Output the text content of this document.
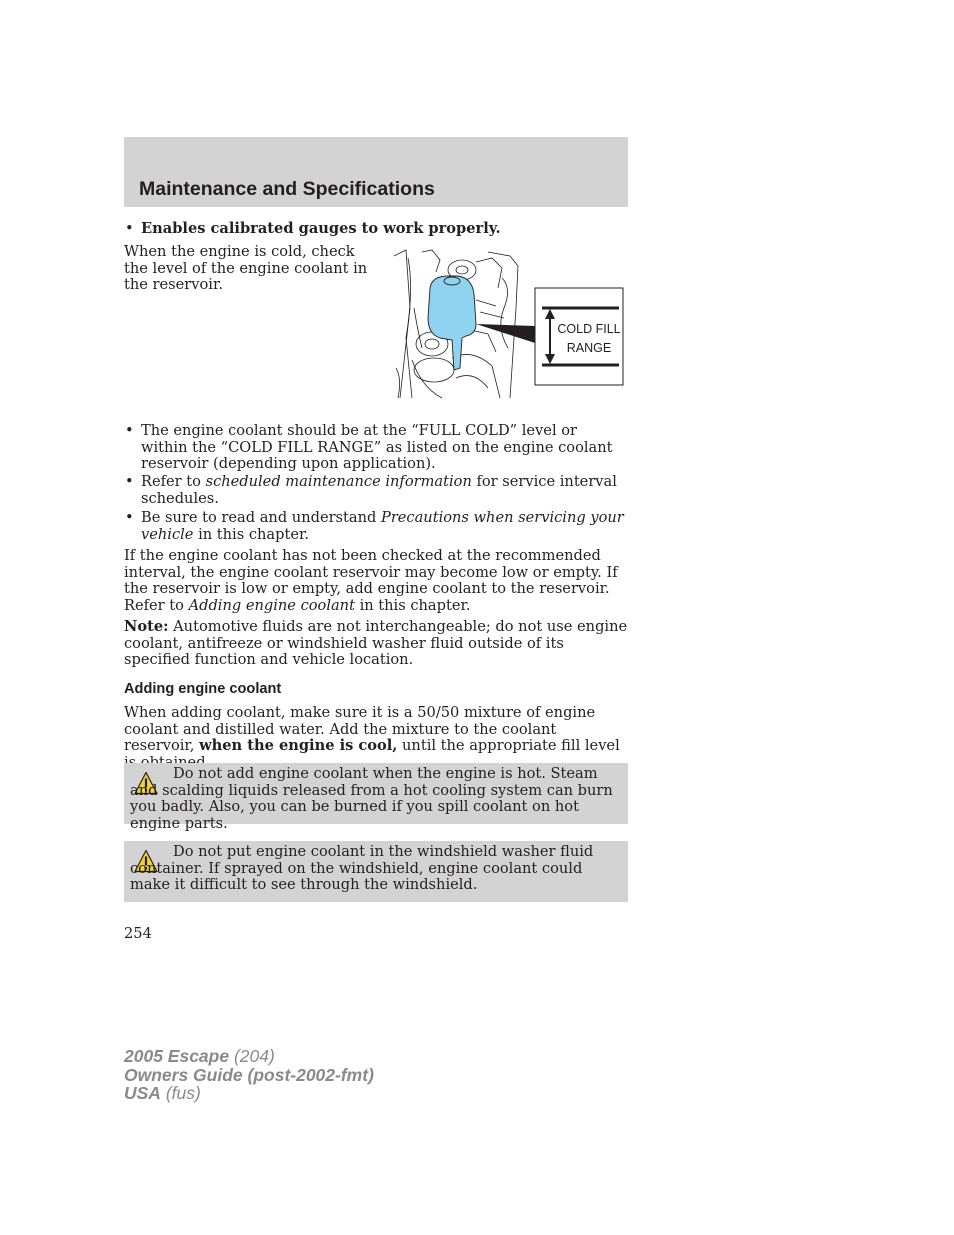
Maintenance and Specifications
• Enables calibrated gauges to work properly.
When the engine is cold, check the level of the engine coolant in the reservoir.
COLD FILL
RANGE
• The engine coolant should be at the “FULL COLD” level or within the “COLD FILL RANGE” as listed on the engine coolant reservoir (depending upon application).
• Refer to scheduled maintenance information for service interval schedules.
• Be sure to read and understand Precautions when servicing your vehicle in this chapter.
If the engine coolant has not been checked at the recommended interval, the engine coolant reservoir may become low or empty. If the reservoir is low or empty, add engine coolant to the reservoir. Refer to Adding engine coolant in this chapter.
Note: Automotive fluids are not interchangeable; do not use engine coolant, antifreeze or windshield washer fluid outside of its specified function and vehicle location.
Adding engine coolant
When adding coolant, make sure it is a 50/50 mixture of engine coolant and distilled water. Add the mixture to the coolant reservoir, when the engine is cool, until the appropriate fill level
Do not add engine coolant when the engine is hot. Steam and scalding liquids released from a hot cooling system can burn you badly. Also, you can be burned if you spill coolant on hot engine parts.
Do not put engine coolant in the windshield washer fluid container. If sprayed on the windshield, engine coolant could make it difficult to see through the windshield.
254
2005 Escape (204)
Owners Guide (post-2002-fmt)
USA (fus)
